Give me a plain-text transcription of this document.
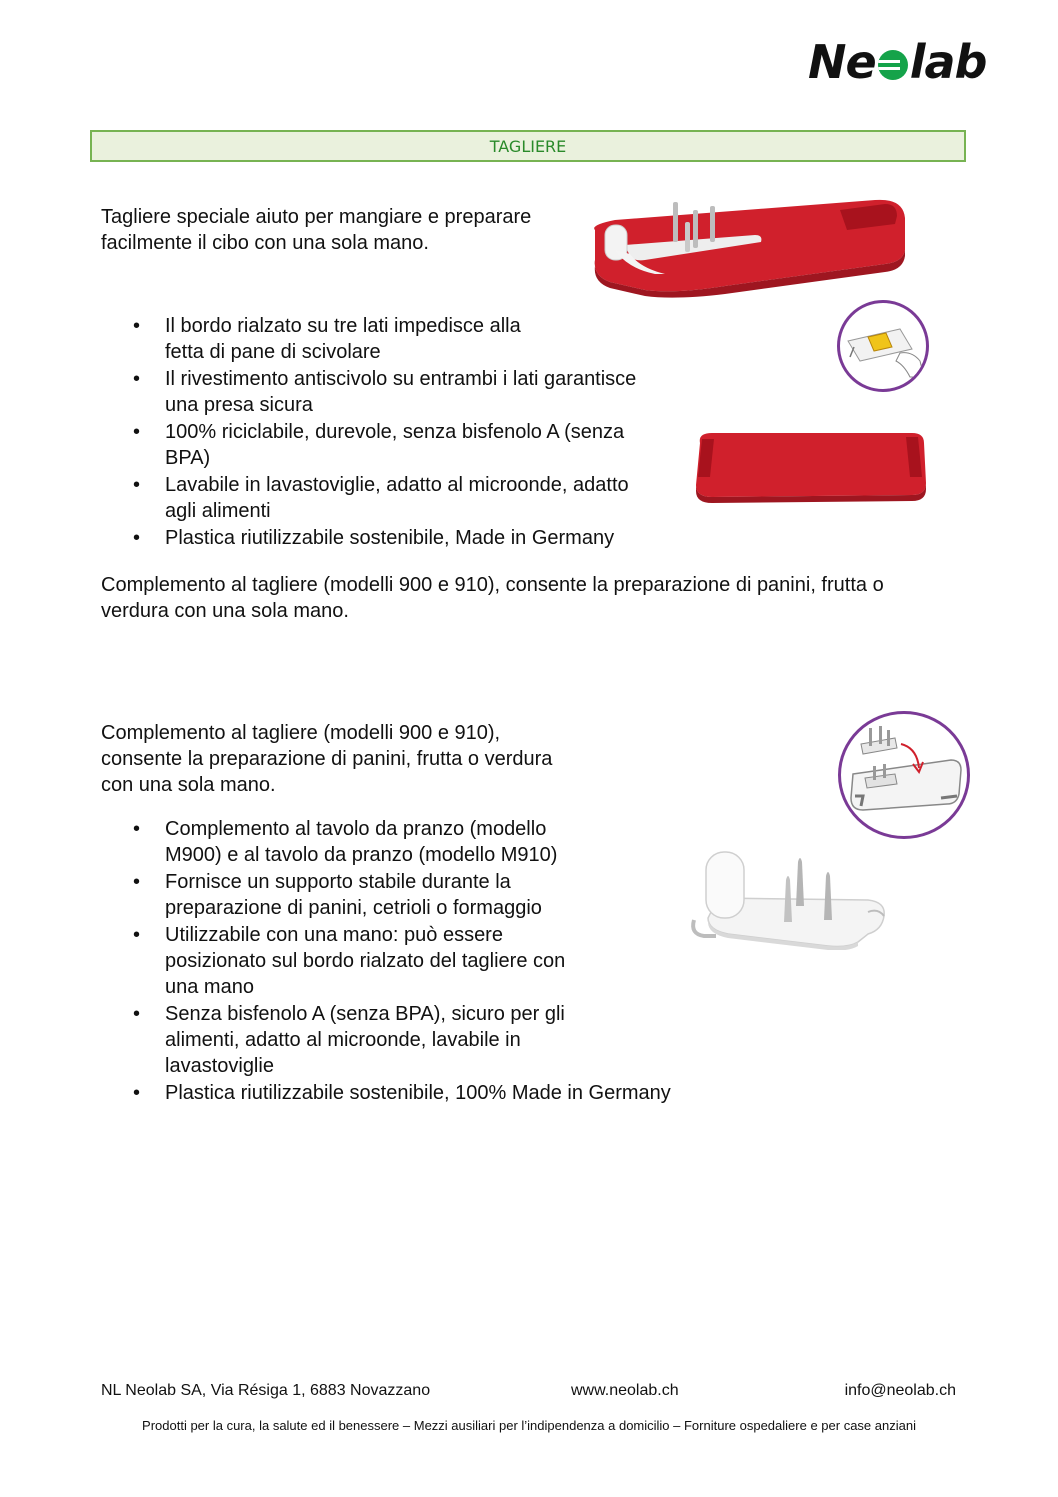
Ne lab
TAGLIERE
Tagliere speciale aiuto per mangiare e preparare
facilmente il cibo con una sola mano.
• Il bordo rialzato su tre lati impedisce alla
fetta di pane di scivolare
• Il rivestimento antiscivolo su entrambi i lati garantisce
una presa sicura
• 100% riciclabile, durevole, senza bisfenolo A (senza
BPA)
• Lavabile in lavastoviglie, adatto al microonde, adatto
agli alimenti
• Plastica riutilizzabile sostenibile, Made in Germany
Complemento al tagliere (modelli 900 e 910), consente la preparazione di panini, frutta o
verdura con una sola mano.
Complemento al tagliere (modelli 900 e 910),
consente la preparazione di panini, frutta o verdura
con una sola mano.
• Complemento al tavolo da pranzo (modello
M900) e al tavolo da pranzo (modello M910)
• Fornisce un supporto stabile durante la
preparazione di panini, cetrioli o formaggio
• Utilizzabile con una mano: può essere
posizionato sul bordo rialzato del tagliere con
una mano
• Senza bisfenolo A (senza BPA), sicuro per gli
alimenti, adatto al microonde, lavabile in
lavastoviglie
• Plastica riutilizzabile sostenibile, 100% Made in Germany
NL Neolab SA, Via Résiga 1, 6883 Novazzano	www.neolab.ch	info@neolab.ch
Prodotti per la cura, la salute ed il benessere – Mezzi ausiliari per l’indipendenza a domicilio – Forniture ospedaliere e per case anziani
